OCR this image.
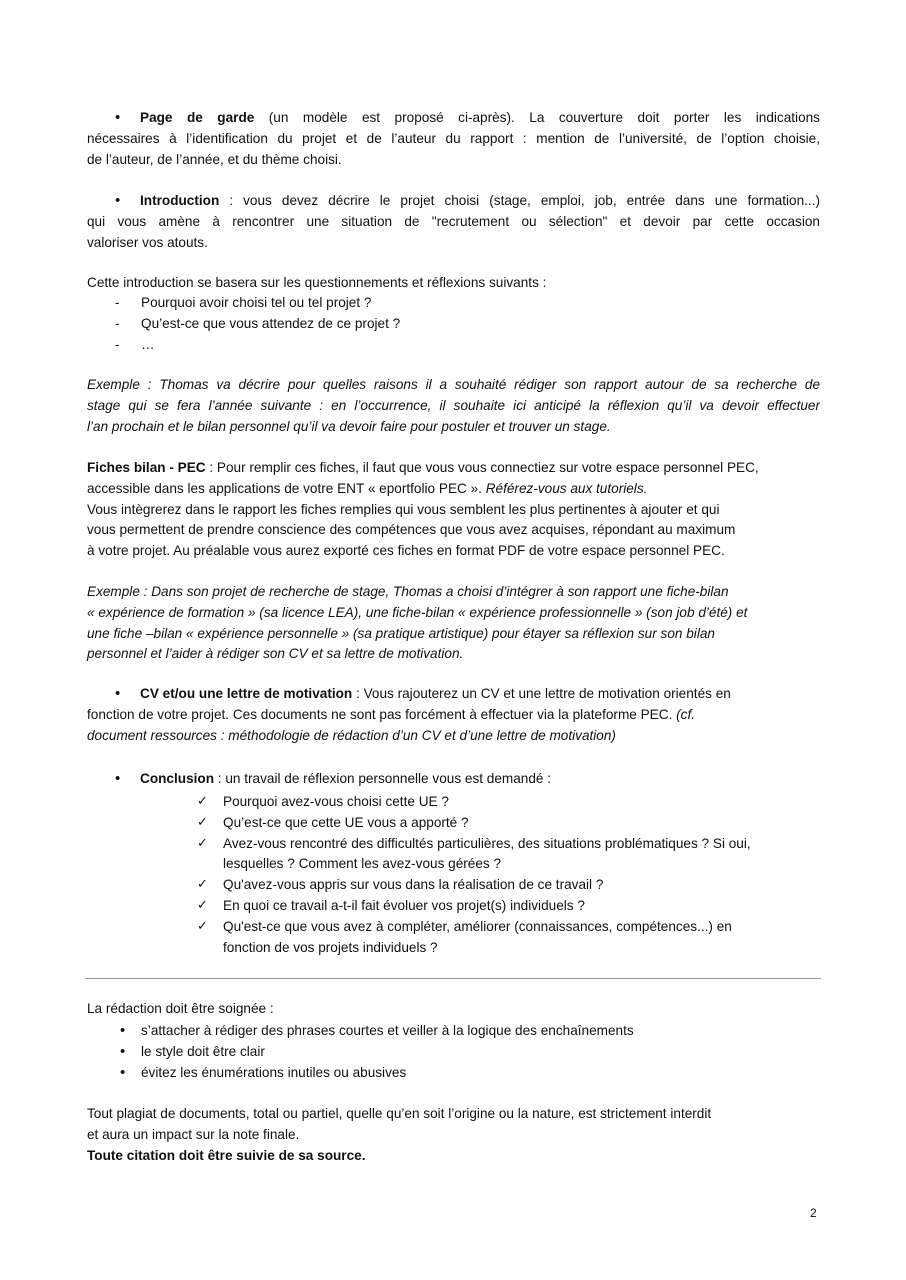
• Page de garde (un modèle est proposé ci-après). La couverture doit porter les indications
nécessaires à l’identification du projet et de l’auteur du rapport : mention de l’université, de l’option choisie,
de l’auteur, de l’année, et du thème choisi.
• Introduction : vous devez décrire le projet choisi (stage, emploi, job, entrée dans une formation...)
qui vous amène à rencontrer une situation de "recrutement ou sélection" et devoir par cette occasion
valoriser vos atouts.
Cette introduction se basera sur les questionnements et réflexions suivants :
- Pourquoi avoir choisi tel ou tel projet ?
- Qu’est-ce que vous attendez de ce projet ?
- …
Exemple : Thomas va décrire pour quelles raisons il a souhaité rédiger son rapport autour de sa recherche de
stage qui se fera l’année suivante : en l’occurrence, il souhaite ici anticipé la réflexion qu’il va devoir effectuer
l’an prochain et le bilan personnel qu’il va devoir faire pour postuler et trouver un stage.
Fiches bilan - PEC : Pour remplir ces fiches, il faut que vous vous connectiez sur votre espace personnel PEC,
accessible dans les applications de votre ENT « eportfolio PEC ». Référez-vous aux tutoriels.
Vous intègrerez dans le rapport les fiches remplies qui vous semblent les plus pertinentes à ajouter et qui
vous permettent de prendre conscience des compétences que vous avez acquises, répondant au maximum
à votre projet. Au préalable vous aurez exporté ces fiches en format PDF de votre espace personnel PEC.
Exemple : Dans son projet de recherche de stage, Thomas a choisi d’intégrer à son rapport une fiche-bilan
« expérience de formation » (sa licence LEA), une fiche-bilan « expérience professionnelle » (son job d’été) et
une fiche –bilan « expérience personnelle » (sa pratique artistique) pour étayer sa réflexion sur son bilan
personnel et l’aider à rédiger son CV et sa lettre de motivation.
• CV et/ou une lettre de motivation : Vous rajouterez un CV et une lettre de motivation orientés en
fonction de votre projet. Ces documents ne sont pas forcément à effectuer via la plateforme PEC. (cf.
document ressources : méthodologie de rédaction d’un CV et d’une lettre de motivation)
• Conclusion : un travail de réflexion personnelle vous est demandé :
✓ Pourquoi avez-vous choisi cette UE ?
✓ Qu’est-ce que cette UE vous a apporté ?
✓ Avez-vous rencontré des difficultés particulières, des situations problématiques ? Si oui,
lesquelles ? Comment les avez-vous gérées ?
✓ Qu'avez-vous appris sur vous dans la réalisation de ce travail ?
✓ En quoi ce travail a-t-il fait évoluer vos projet(s) individuels ?
✓ Qu'est-ce que vous avez à compléter, améliorer (connaissances, compétences...) en
fonction de vos projets individuels ?
La rédaction doit être soignée :
• s’attacher à rédiger des phrases courtes et veiller à la logique des enchaînements
• le style doit être clair
• évitez les énumérations inutiles ou abusives
Tout plagiat de documents, total ou partiel, quelle qu’en soit l’origine ou la nature, est strictement interdit
et aura un impact sur la note finale.
Toute citation doit être suivie de sa source.
2
